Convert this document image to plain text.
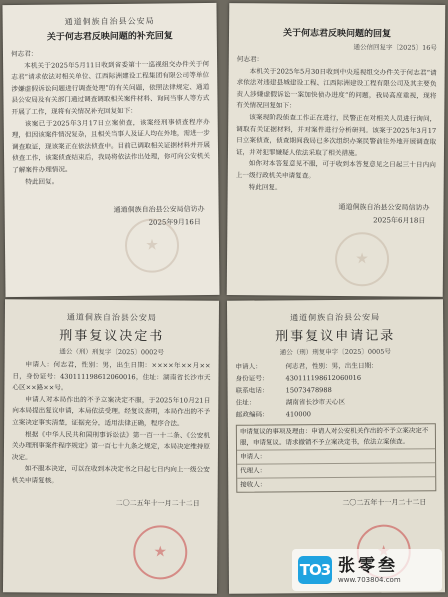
通道侗族自治县公安局
关于何志君反映问题的补充回复

何志君：

本机关于2025年5月11日收到省委第十一巡视组交办件关于何志君“请求依法对相关单位、江西际洲建设工程集团有限公司等单位涉嫌虚假诉讼问题进行调查处理”的有关问题，依照法律规定、通道县公安局及有关部门通过调查调取相关案件材料、询问当事人等方式开展了工作，现将有关情况补充回复如下：

该案已于2025年3月17日立案侦查，该案经刑事侦查程序办理，但因该案件情况复杂，且相关当事人及证人均在外地，需进一步调查取证，现该案正在依法侦查中。目前已调取相关证据材料并开展侦查工作，该案侦查结束后，我局将依法作出处理，你可向公安机关了解案件办理情况。

特此回复。

通道侗族自治县公安局信访办
2025年9月16日
★
关于何志君反映问题的回复
通公信回复字〔2025〕16号

何志君：

本机关于2025年5月30日收到中央巡视组交办件关于何志君“请求依法对违建县城建设工程、江西际洲建设工程有限公司及其主要负责人涉嫌虚假诉讼一案加快侦办进度”的问题，我局高度重视，现将有关情况回复如下：

该案现阶段侦查工作正在进行，民警正在对相关人员进行询问，调取有关证据材料，并对案件进行分析研判。该案于2025年3月17日立案侦查，侦查期间我局已多次组织办案民警前往外地开展调查取证，并对犯罪嫌疑人依法采取了相关措施。

如你对本答复意见不服，可于收到本答复意见之日起三十日内向上一级行政机关申请复查。

特此回复。

通道侗族自治县公安局信访办
2025年6月18日
★
通道侗族自治县公安局
刑事复议决定书
通公（刑）刑复字〔2025〕0002号

申请人：何志君，性别：男，出生日期：××××年××月××日，身份证号：430111198612060016，住址：湖南省长沙市天心区××路××号。

申请人对本局作出的不予立案决定不服，于2025年10月21日向本局提出复议申请，本局依法受理。经复议查明，本局作出的不予立案决定事实清楚，证据充分，适用法律正确，程序合法。

根据《中华人民共和国刑事诉讼法》第一百一十二条、《公安机关办理刑事案件程序规定》第一百七十九条之规定，本局决定维持原决定。

如不服本决定，可以在收到本决定书之日起七日内向上一级公安机关申请复核。

二〇二五年十一月二十二日
★
通道侗族自治县公安局
刑事复议申请记录
通公（刑）刑复申字〔2025〕0005号
申请人：	何志君，性别：男，出生日期：
身份证号：	430111198612060016
联系电话：	15073478988
住址：	湖南省长沙市天心区
邮政编码：	410000
申请复议的事项及理由：申请人对公安机关作出的不予立案决定不服，申请复议。请求撤销不予立案决定书，依法立案侦查。
申请人：
代理人：
接收人：
二〇二五年十一月二十二日
★
TO3 张零叁
www.703804.com
